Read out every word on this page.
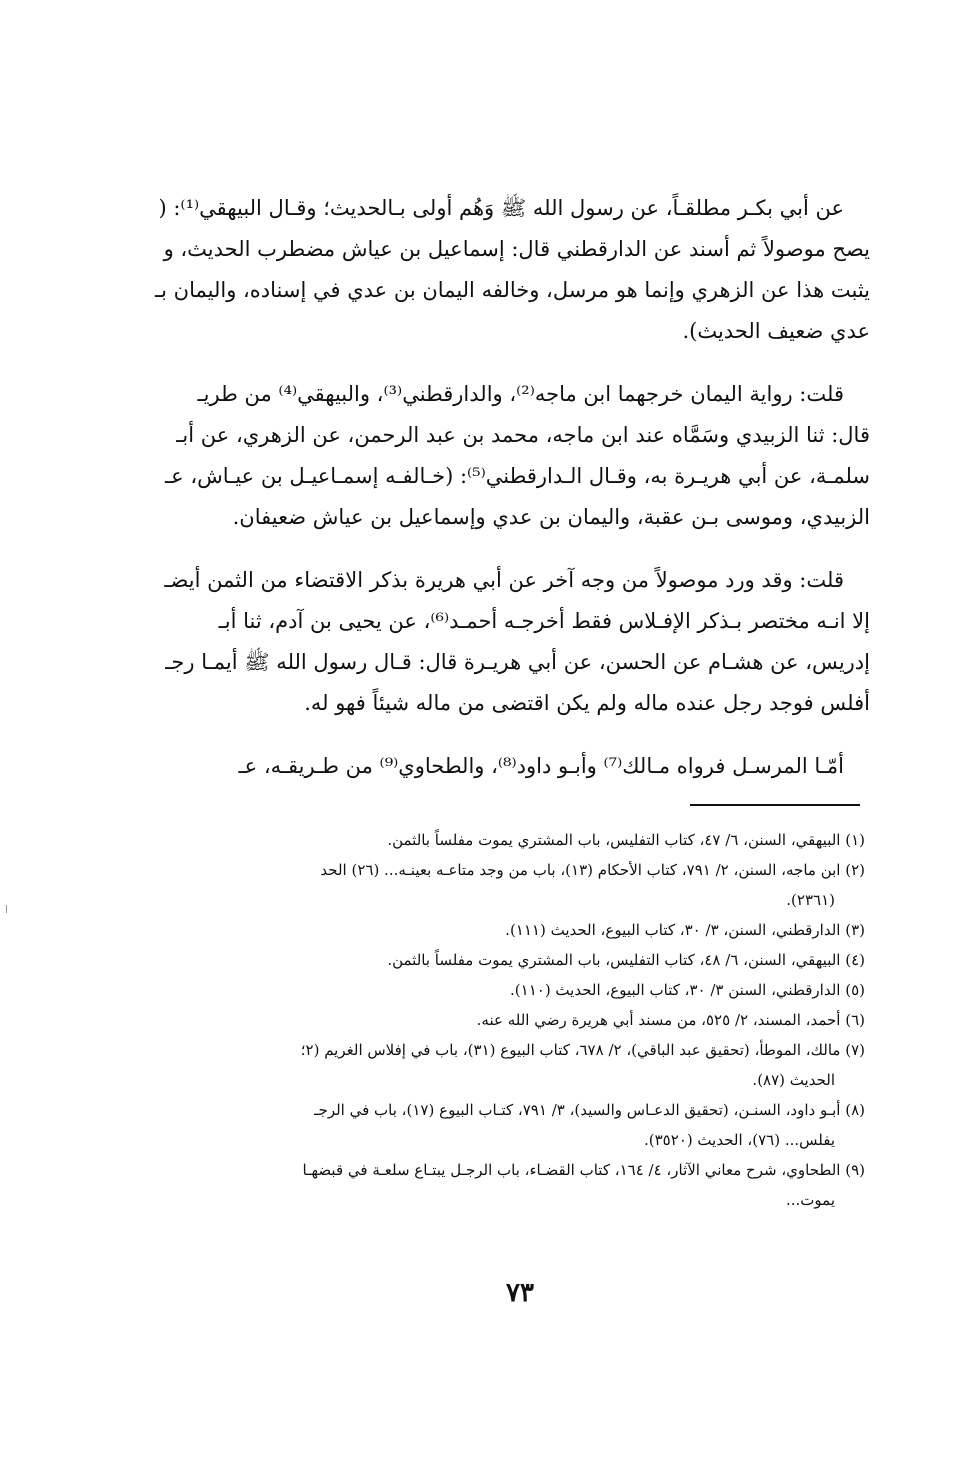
عن أبي بكـر مطلقـاً، عن رسول الله ﷺ وَهُم أولى بـالحديث؛ وقـال البيهقي⁽¹⁾: (
يصح موصولاً ثم أسند عن الدارقطني قال: إسماعيل بن عياش مضطرب الحديث، و
يثبت هذا عن الزهري وإنما هو مرسل، وخالفه اليمان بن عدي في إسناده، واليمان بـ
عدي ضعيف الحديث).
قلت: رواية اليمان خرجهما ابن ماجه⁽²⁾، والدارقطني⁽³⁾، والبيهقي⁽⁴⁾ من طريـ
قال: ثنا الزبيدي وسَمَّاه عند ابن ماجه، محمد بن عبد الرحمن، عن الزهري، عن أبـ
سلمـة، عن أبي هريـرة به، وقـال الـدارقطني⁽⁵⁾: (خـالفـه إسمـاعيـل بن عيـاش، عـ
الزبيدي، وموسى بـن عقبة، واليمان بن عدي وإسماعيل بن عياش ضعيفان.
قلت: وقد ورد موصولاً من وجه آخر عن أبي هريرة بذكر الاقتضاء من الثمن أيضـ
إلا انـه مختصر بـذكر الإفـلاس فقط أخرجـه أحمـد⁽⁶⁾، عن يحيى بن آدم، ثنا أبـ
إدريس، عن هشـام عن الحسن، عن أبي هريـرة قال: قـال رسول الله ﷺ أيمـا رجـ
أفلس فوجد رجل عنده ماله ولم يكن اقتضى من ماله شيئاً فهو له.
أمّـا المرسـل فرواه مـالك⁽⁷⁾ وأبـو داود⁽⁸⁾، والطحاوي⁽⁹⁾ من طـريقـه، عـ
(١) البيهقي، السنن، ٦/ ٤٧، كتاب التفليس، باب المشتري يموت مفلساً بالثمن.
(٢) ابن ماجه، السنن، ٢/ ٧٩١، كتاب الأحكام (١٣)، باب من وجد متاعـه بعينـه... (٢٦) الحد
(٢٣٦١).
(٣) الدارقطني، السنن، ٣/ ٣٠، كتاب البيوع، الحديث (١١١).
(٤) البيهقي، السنن، ٦/ ٤٨، كتاب التفليس، باب المشتري يموت مفلساً بالثمن.
(٥) الدارقطني، السنن ٣/ ٣٠، كتاب البيوع، الحديث (١١٠).
(٦) أحمد، المسند، ٢/ ٥٢٥، من مسند أبي هريرة رضي الله عنه.
(٧) مالك، الموطأ، (تحقيق عبد الباقي)، ٢/ ٦٧٨، كتاب البيوع (٣١)، باب في إفلاس الغريم (٢؛
الحديث (٨٧).
(٨) أبـو داود، السنـن، (تحقيق الدعـاس والسيد)، ٣/ ٧٩١، كتـاب البيوع (١٧)، باب في الرجـ
يفلس... (٧٦)، الحديث (٣٥٢٠).
(٩) الطحاوي، شرح معاني الآثار، ٤/ ١٦٤، كتاب القضـاء، باب الرجـل يبتـاع سلعـة في قبضهـا
يموت...
٧٣
